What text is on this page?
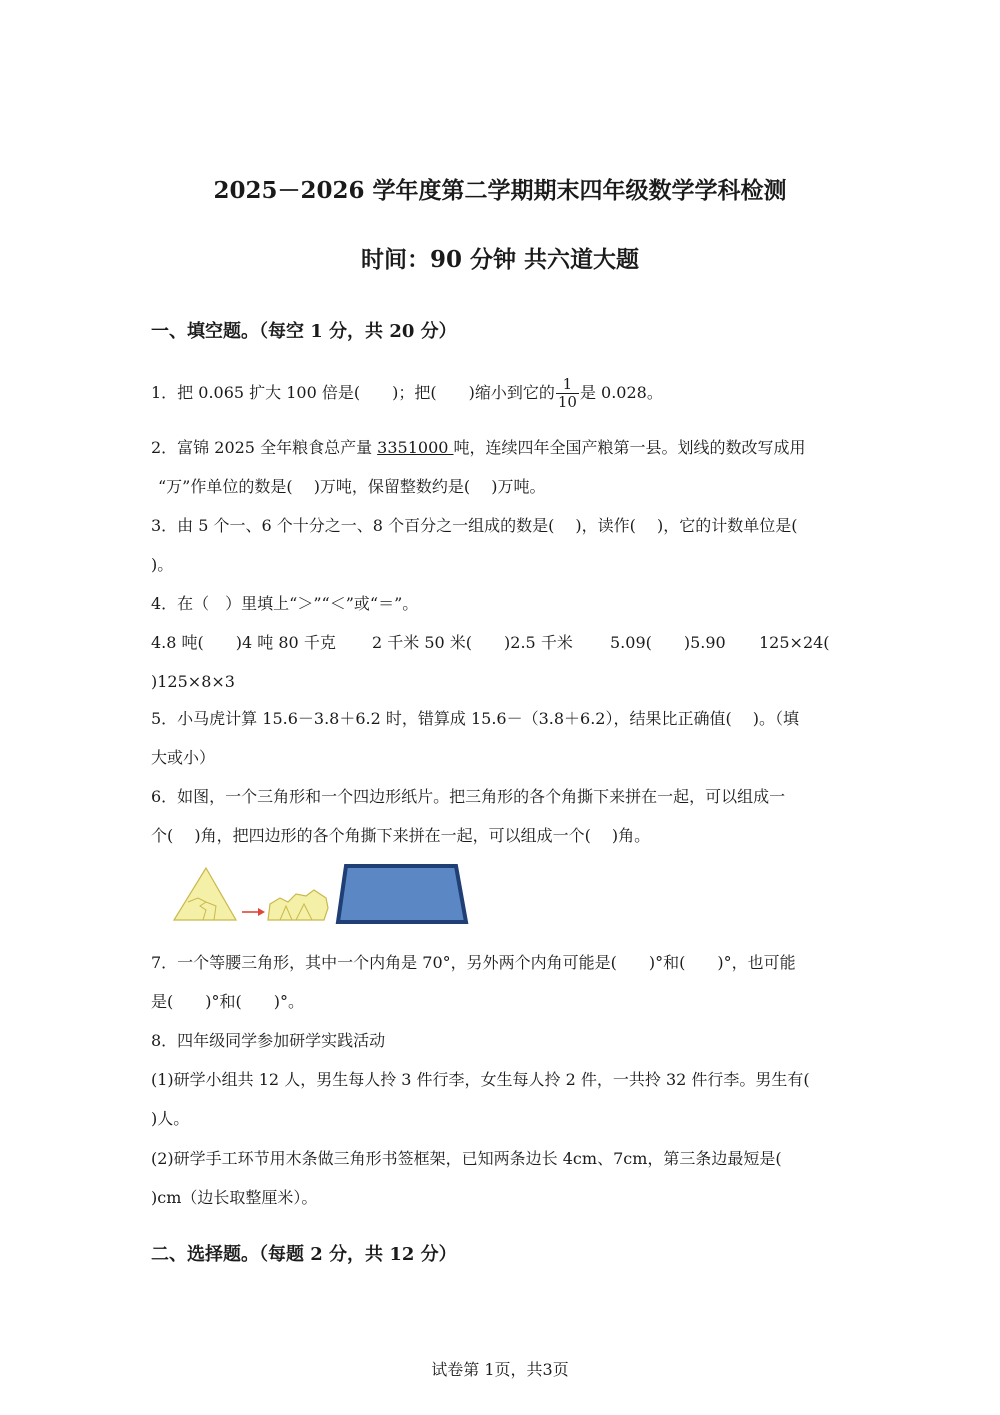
2025－2026 学年度第二学期期末四年级数学学科检测
时间：90 分钟 共六道大题
一、填空题。（每空 1 分，共 20 分）
1．把 0.065 扩大 100 倍是(　　)；把(　　)缩小到它的 $\frac{1}{10}$ 是 0.028。
2．富锦 2025 全年粮食总产量 3351000 吨，连续四年全国产粮第一县。划线的数改写成用
“万”作单位的数是(　 )万吨，保留整数约是(　 )万吨。
3．由 5 个一、6 个十分之一、8 个百分之一组成的数是(　 )，读作(　 )，它的计数单位是(
)。
4．在（　）里填上“＞”“＜”或“＝”。
4.8 吨(　　)4 吨 80 千克 2 千米 50 米(　　)2.5 千米 5.09(　　)5.90 125×24(
)125×8×3
5．小马虎计算 15.6－3.8＋6.2 时，错算成 15.6－（3.8＋6.2），结果比正确值(　 )。（填
大或小）
6．如图，一个三角形和一个四边形纸片。把三角形的各个角撕下来拼在一起，可以组成一
个(　 )角，把四边形的各个角撕下来拼在一起，可以组成一个(　 )角。
7．一个等腰三角形，其中一个内角是 70°，另外两个内角可能是(　　)°和(　　)°，也可能
是(　　)°和(　　)°。
8．四年级同学参加研学实践活动
(1)研学小组共 12 人，男生每人拎 3 件行李，女生每人拎 2 件，一共拎 32 件行李。男生有(
)人。
(2)研学手工环节用木条做三角形书签框架，已知两条边长 4cm、7cm，第三条边最短是(
)cm（边长取整厘米）。
二、选择题。（每题 2 分，共 12 分）
试卷第 1页，共3页
